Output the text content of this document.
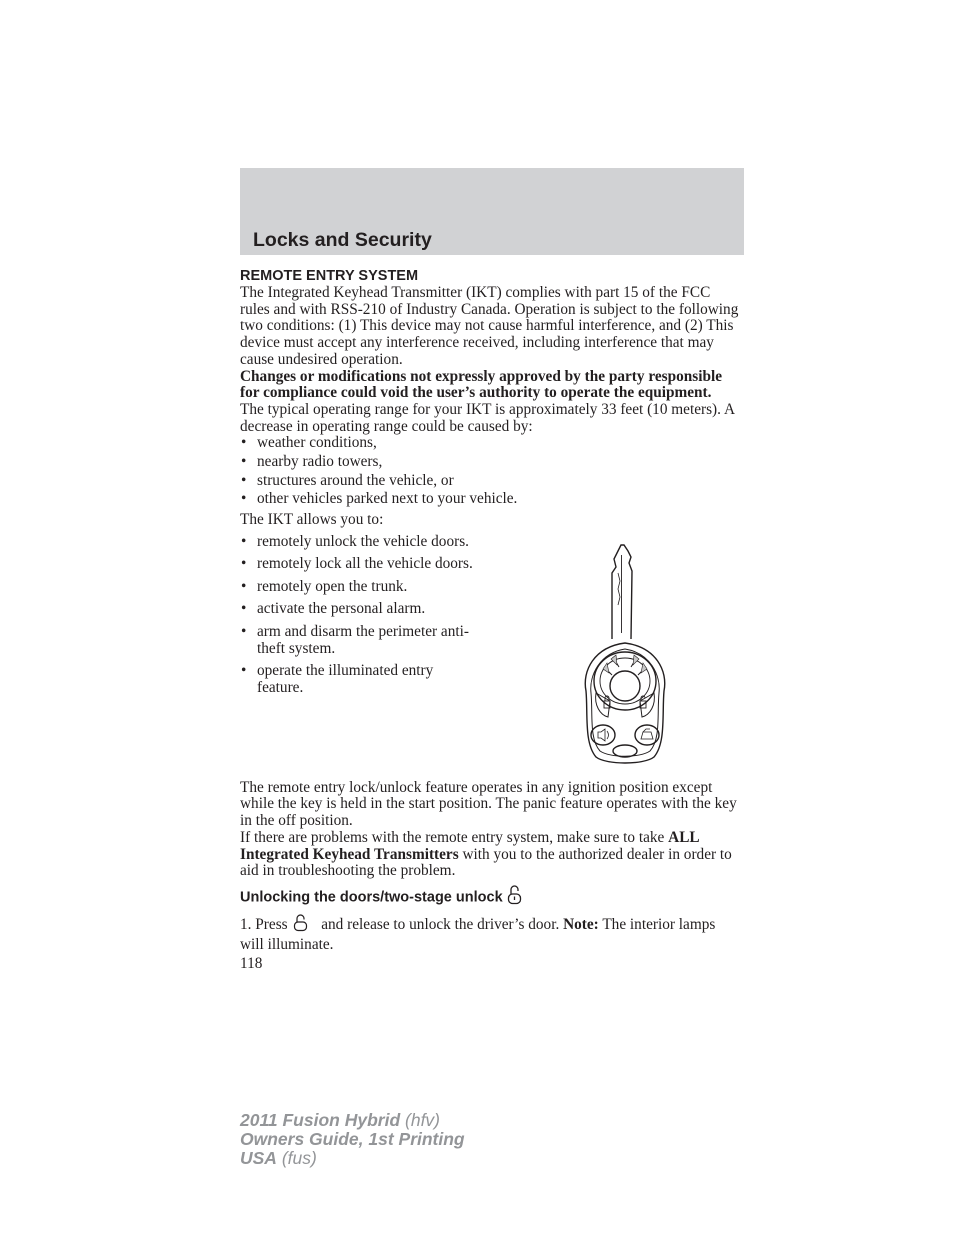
Locks and Security
REMOTE ENTRY SYSTEM

The Integrated Keyhead Transmitter (IKT) complies with part 15 of the FCC rules and with RSS-210 of Industry Canada. Operation is subject to the following two conditions: (1) This device may not cause harmful interference, and (2) This device must accept any interference received, including interference that may cause undesired operation.

Changes or modifications not expressly approved by the party responsible for compliance could void the user’s authority to operate the equipment.

The typical operating range for your IKT is approximately 33 feet (10 meters). A decrease in operating range could be caused by:

• weather conditions,
• nearby radio towers,
• structures around the vehicle, or
• other vehicles parked next to your vehicle.

The IKT allows you to:

• remotely unlock the vehicle doors.
• remotely lock all the vehicle doors.
• remotely open the trunk.
• activate the personal alarm.
• arm and disarm the perimeter anti-theft system.
• operate the illuminated entry feature.

The remote entry lock/unlock feature operates in any ignition position except while the key is held in the start position. The panic feature operates with the key in the off position.

If there are problems with the remote entry system, make sure to take ALL Integrated Keyhead Transmitters with you to the authorized dealer in order to aid in troubleshooting the problem.

Unlocking the doors/two-stage unlock

1. Press  and release to unlock the driver’s door. Note: The interior lamps will illuminate.

118
2011 Fusion Hybrid (hfv)
Owners Guide, 1st Printing
USA (fus)
